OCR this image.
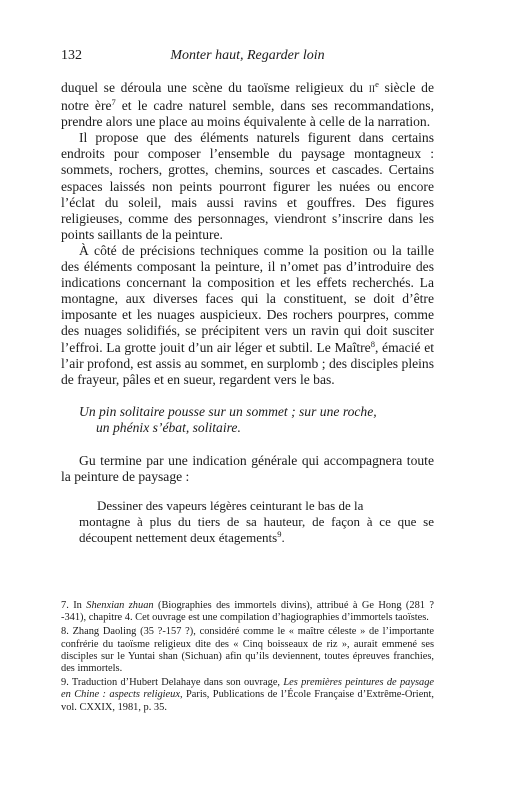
132	Monter haut, Regarder loin

duquel se déroula une scène du taoïsme religieux du IIe siècle de notre ère$^7$ et le cadre naturel semble, dans ses recommandations, prendre alors une place au moins équivalente à celle de la narration.

Il propose que des éléments naturels figurent dans certains endroits pour composer l’ensemble du paysage montagneux : sommets, rochers, grottes, chemins, sources et cascades. Certains espaces laissés non peints pourront figurer les nuées ou encore l’éclat du soleil, mais aussi ravins et gouffres. Des figures religieuses, comme des personnages, viendront s’inscrire dans les points saillants de la peinture.

À côté de précisions techniques comme la position ou la taille des éléments composant la peinture, il n’omet pas d’introduire des indications concernant la composition et les effets recherchés. La montagne, aux diverses faces qui la constituent, se doit d’être imposante et les nuages auspicieux. Des rochers pourpres, comme des nuages solidifiés, se précipitent vers un ravin qui doit susciter l’effroi. La grotte jouit d’un air léger et subtil. Le Maître$^8$, émacié et l’air profond, est assis au sommet, en surplomb ; des disciples pleins de frayeur, pâles et en sueur, regardent vers le bas.

Un pin solitaire pousse sur un sommet ; sur une roche,
un phénix s’ébat, solitaire.

Gu termine par une indication générale qui accompagnera toute la peinture de paysage :

Dessiner des vapeurs légères ceinturant le bas de la
montagne à plus du tiers de sa hauteur, de façon à ce que se découpent nettement deux étagements$^9$.

7. In Shenxian zhuan (Biographies des immortels divins), attribué à Ge Hong (281 ?-341), chapitre 4. Cet ouvrage est une compilation d’hagiographies d’immortels taoïstes.

8. Zhang Daoling (35 ?-157 ?), considéré comme le « maître céleste » de l’importante confrérie du taoïsme religieux dite des « Cinq boisseaux de riz », aurait emmené ses disciples sur le Yuntai shan (Sichuan) afin qu’ils deviennent, toutes épreuves franchies, des immortels.

9. Traduction d’Hubert Delahaye dans son ouvrage, Les premières peintures de paysage en Chine : aspects religieux, Paris, Publications de l’École Française d’Extrême-Orient, vol. CXXIX, 1981, p. 35.
